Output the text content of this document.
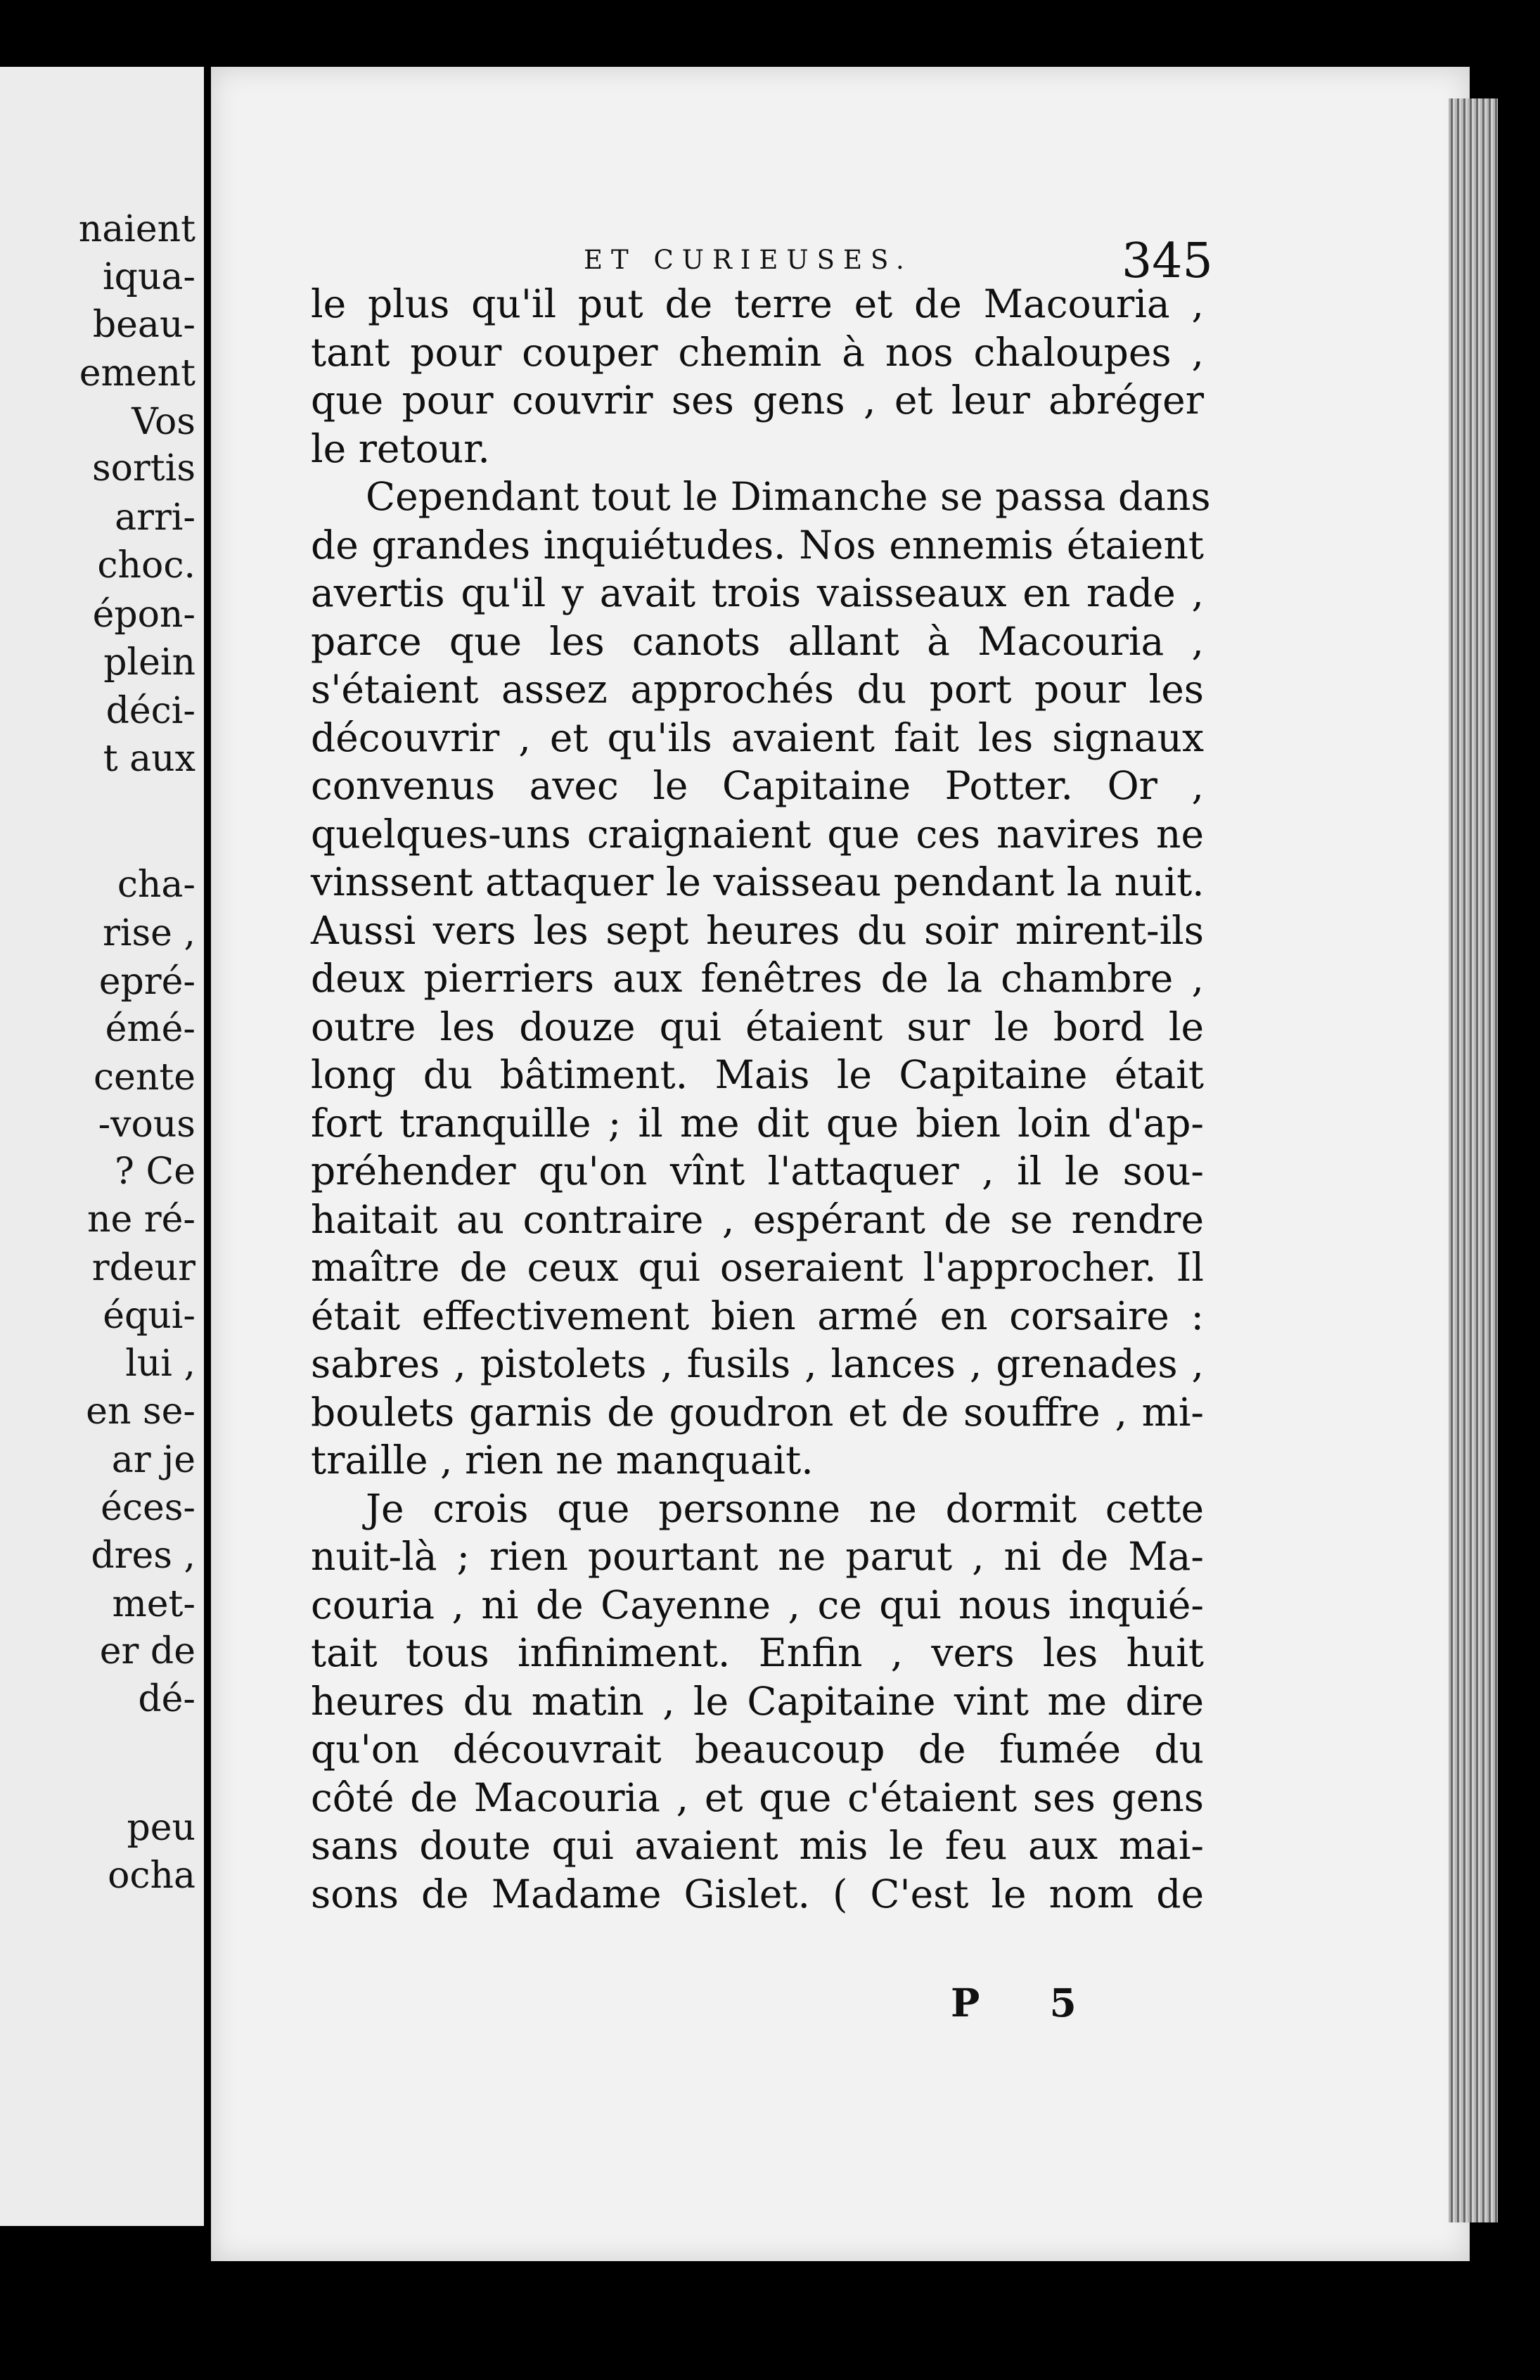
naient
iqua-
beau-
ement
Vos
sortis
arri-
choc.
épon-
plein
déci-
t aux
cha-
rise ,
epré-
émé-
cente
-vous
? Ce
ne ré-
rdeur
équi-
lui ,
en se-
ar je
éces-
dres ,
met-
er de
dé-
peu
ocha
ET CURIEUSES.	345
le plus qu'il put de terre et de Macouria ,
tant pour couper chemin à nos chaloupes ,
que pour couvrir ses gens , et leur abréger
le retour.
Cependant tout le Dimanche se passa dans
de grandes inquiétudes. Nos ennemis étaient
avertis qu'il y avait trois vaisseaux en rade ,
parce que les canots allant à Macouria ,
s'étaient assez approchés du port pour les
découvrir , et qu'ils avaient fait les signaux
convenus avec le Capitaine Potter. Or ,
quelques-uns craignaient que ces navires ne
vinssent attaquer le vaisseau pendant la nuit.
Aussi vers les sept heures du soir mirent-ils
deux pierriers aux fenêtres de la chambre ,
outre les douze qui étaient sur le bord le
long du bâtiment. Mais le Capitaine était
fort tranquille ; il me dit que bien loin d'ap-
préhender qu'on vînt l'attaquer , il le sou-
haitait au contraire , espérant de se rendre
maître de ceux qui oseraient l'approcher. Il
était effectivement bien armé en corsaire :
sabres , pistolets , fusils , lances , grenades ,
boulets garnis de goudron et de souffre , mi-
traille , rien ne manquait.
Je crois que personne ne dormit cette
nuit-là ; rien pourtant ne parut , ni de Ma-
couria , ni de Cayenne , ce qui nous inquié-
tait tous infiniment. Enfin , vers les huit
heures du matin , le Capitaine vint me dire
qu'on découvrait beaucoup de fumée du
côté de Macouria , et que c'étaient ses gens
sans doute qui avaient mis le feu aux mai-
sons de Madame Gislet. ( C'est le nom de
P 5
